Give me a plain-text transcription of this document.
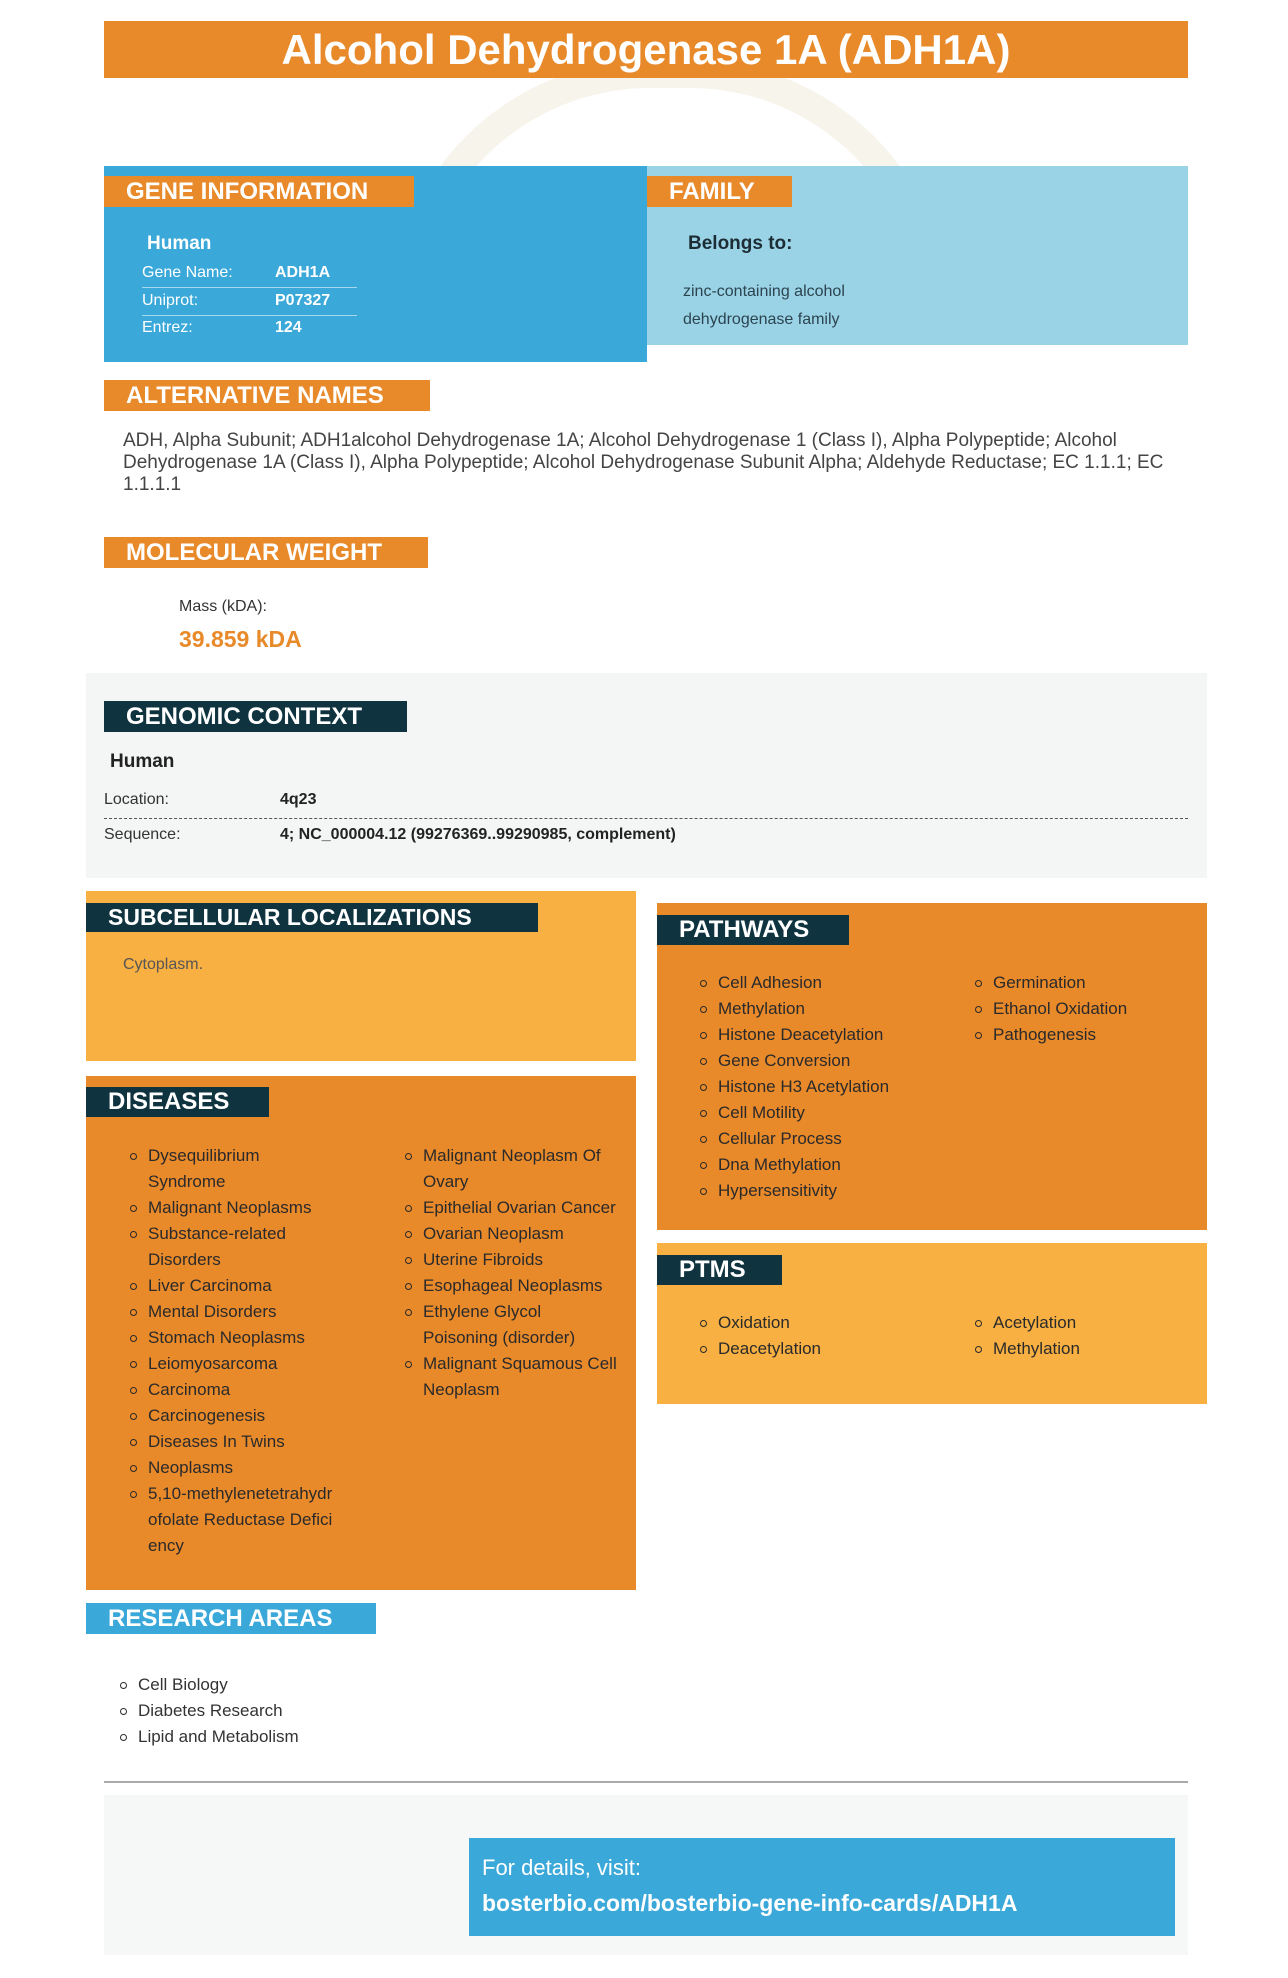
Alcohol Dehydrogenase 1A (ADH1A)
GENE INFORMATION
Human
Gene Name:	ADH1A
Uniprot:	P07327
Entrez:	124
FAMILY
Belongs to:
zinc-containing alcohol
dehydrogenase family
ALTERNATIVE NAMES
ADH, Alpha Subunit; ADH1alcohol Dehydrogenase 1A; Alcohol Dehydrogenase 1 (Class I), Alpha Polypeptide; Alcohol Dehydrogenase 1A (Class I), Alpha Polypeptide; Alcohol Dehydrogenase Subunit Alpha; Aldehyde Reductase; EC 1.1.1; EC 1.1.1.1
MOLECULAR WEIGHT
Mass (kDA):
39.859 kDA
GENOMIC CONTEXT
Human
Location:	4q23
Sequence:	4; NC_000004.12 (99276369..99290985, complement)
SUBCELLULAR LOCALIZATIONS
Cytoplasm.
DISEASES
Dysequilibrium Syndrome
Malignant Neoplasms
Substance-related Disorders
Liver Carcinoma
Mental Disorders
Stomach Neoplasms
Leiomyosarcoma
Carcinoma
Carcinogenesis
Diseases In Twins
Neoplasms
5,10-methylenetetrahydrofolate Reductase Deficiency
Malignant Neoplasm Of Ovary
Epithelial Ovarian Cancer
Ovarian Neoplasm
Uterine Fibroids
Esophageal Neoplasms
Ethylene Glycol Poisoning (disorder)
Malignant Squamous Cell Neoplasm
PATHWAYS
Cell Adhesion
Methylation
Histone Deacetylation
Gene Conversion
Histone H3 Acetylation
Cell Motility
Cellular Process
Dna Methylation
Hypersensitivity
Germination
Ethanol Oxidation
Pathogenesis
PTMS
Oxidation
Deacetylation
Acetylation
Methylation
RESEARCH AREAS
Cell Biology
Diabetes Research
Lipid and Metabolism
For details, visit:
bosterbio.com/bosterbio-gene-info-cards/ADH1A
